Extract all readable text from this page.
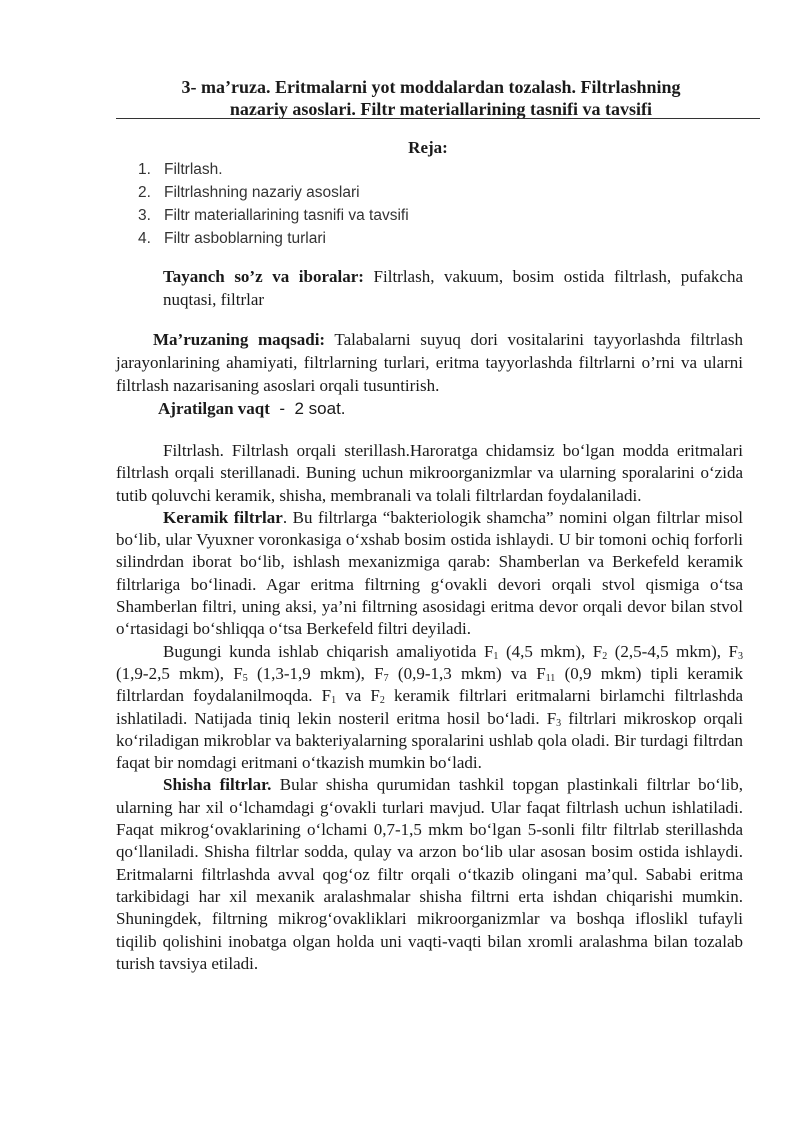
3- ma’ruza. Eritmalarni yot moddalardan tozalash. Filtrlashning
nazariy asoslari. Filtr materiallarining tasnifi va tavsifi
Reja:
1. Filtrlash.
2. Filtrlashning nazariy asoslari
3. Filtr materiallarining tasnifi va tavsifi
4. Filtr asboblarning turlari
Tayanch so’z va iboralar: Filtrlash, vakuum, bosim ostida filtrlash, pufakcha nuqtasi, filtrlar
Ma’ruzaning maqsadi: Talabalarni suyuq dori vositalarini tayyorlashda filtrlash jarayonlarining ahamiyati, filtrlarning turlari, eritma tayyorlashda filtrlarni o’rni va ularni filtrlash nazarisaning asoslari orqali tusuntirish.
Ajratilgan vaqt  -  2 soat.

Filtrlash. Filtrlash orqali sterillash.Haroratga chidamsiz bo‘lgan modda eritmalari filtrlash orqali sterillanadi. Buning uchun mikroorganizmlar va ularning sporalarini o‘zida tutib qoluvchi keramik, shisha, membranali va tolali filtrlardan foydalaniladi.

Keramik filtrlar. Bu filtrlarga “bakteriologik shamcha” nomini olgan filtrlar misol bo‘lib, ular Vyuxner voronkasiga o‘xshab bosim ostida ishlaydi. U bir tomoni ochiq forforli silindrdan iborat bo‘lib, ishlash mexanizmiga qarab: Shamberlan va Berkefeld keramik filtrlariga bo‘linadi. Agar eritma filtrning g‘ovakli devori orqali stvol qismiga o‘tsa Shamberlan filtri, uning aksi, ya’ni filtrning asosidagi eritma devor orqali devor bilan stvol o‘rtasidagi bo‘shliqqa o‘tsa Berkefeld filtri deyiladi.

Bugungi kunda ishlab chiqarish amaliyotida $F_1$ (4,5 mkm), $F_2$ (2,5-4,5 mkm), $F_3$ (1,9-2,5 mkm), $F_5$ (1,3-1,9 mkm), $F_7$ (0,9-1,3 mkm) va $F_{11}$ (0,9 mkm) tipli keramik filtrlardan foydalanilmoqda. $F_1$ va $F_2$ keramik filtrlari eritmalarni birlamchi filtrlashda ishlatiladi. Natijada tiniq lekin nosteril eritma hosil bo‘ladi. $F_3$ filtrlari mikroskop orqali ko‘riladigan mikroblar va bakteriyalarning sporalarini ushlab qola oladi. Bir turdagi filtrdan faqat bir nomdagi eritmani o‘tkazish mumkin bo‘ladi.

Shisha filtrlar. Bular shisha qurumidan tashkil topgan plastinkali filtrlar bo‘lib, ularning har xil o‘lchamdagi g‘ovakli turlari mavjud. Ular faqat filtrlash uchun ishlatiladi. Faqat mikrog‘ovaklarining o‘lchami 0,7-1,5 mkm bo‘lgan 5-sonli filtr filtrlab sterillashda qo‘llaniladi. Shisha filtrlar sodda, qulay va arzon bo‘lib ular asosan bosim ostida ishlaydi. Eritmalarni filtrlashda avval qog‘oz filtr orqali o‘tkazib olingani ma’qul. Sababi eritma tarkibidagi har xil mexanik aralashmalar shisha filtrni erta ishdan chiqarishi mumkin. Shuningdek, filtrning mikrog‘ovakliklari mikroorganizmlar va boshqa ifloslikl tufayli tiqilib qolishini inobatga olgan holda uni vaqti-vaqti bilan xromli aralashma bilan tozalab turish tavsiya etiladi.
